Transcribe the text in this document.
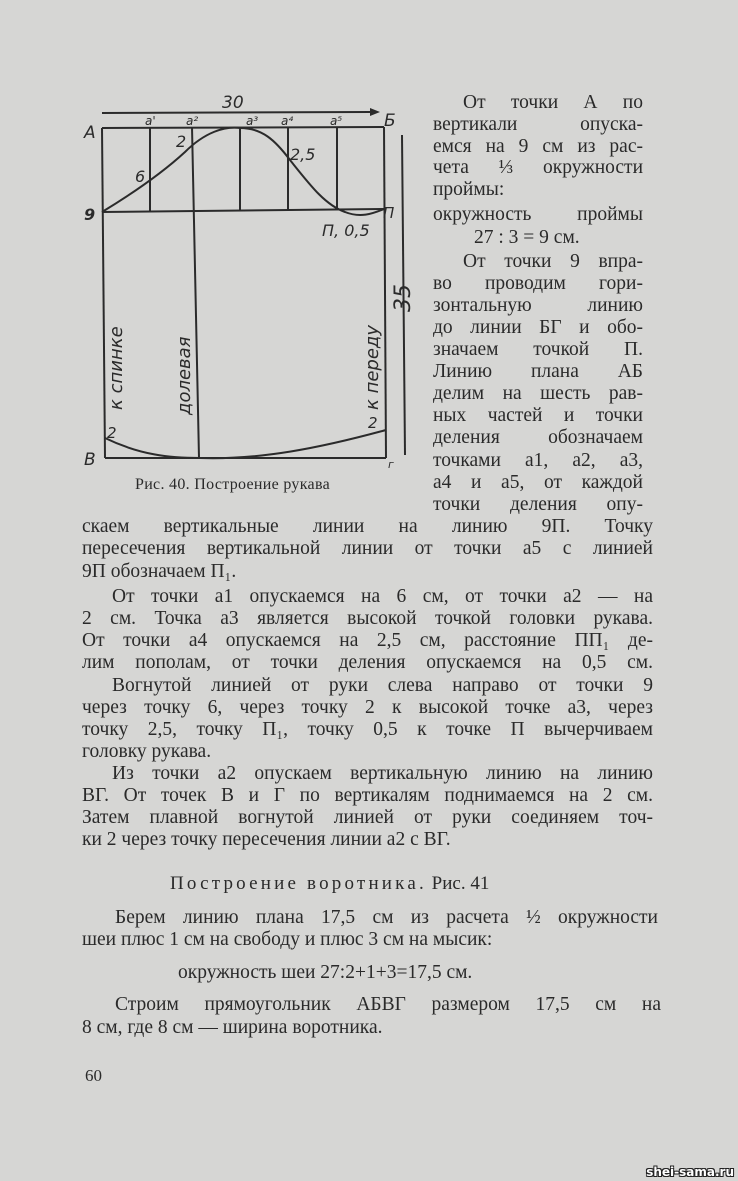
А
Б
В	г
9	П
a'	a²	a³ a⁴	a⁵
30
35
6
2
2,5
П, 0,5
2
2
к спинке	долевая	к переду
Рис. 40. Построение рукава
От точки А по
вертикали опуска-
емся на 9 см из рас-
чета ⅓ окружности
проймы:
окружность проймы
27 : 3 = 9 см.
От точки 9 впра-
во проводим гори-
зонтальную линию
до линии БГ и обо-
значаем точкой П.
Линию плана АБ
делим на шесть рав-
ных частей и точки
деления обозначаем
точками а1, а2, а3,
а4 и а5, от каждой
точки деления опу-
скаем вертикальные линии на линию 9П. Точку
пересечения вертикальной линии от точки а5 с линией
9П обозначаем П₁.
От точки а1 опускаемся на 6 см, от точки а2 — на
2 см. Точка а3 является высокой точкой головки рукава.
От точки а4 опускаемся на 2,5 см, расстояние ПП₁ де-
лим пополам, от точки деления опускаемся на 0,5 см.
Вогнутой линией от руки слева направо от точки 9
через точку 6, через точку 2 к высокой точке а3, через
точку 2,5, точку П₁, точку 0,5 к точке П вычерчиваем
головку рукава.
Из точки а2 опускаем вертикальную линию на линию
ВГ. От точек В и Г по вертикалям поднимаемся на 2 см.
Затем плавной вогнутой линией от руки соединяем точ-
ки 2 через точку пересечения линии а2 с ВГ.
Построение воротника. Рис. 41
Берем линию плана 17,5 см из расчета ½ окружности
шеи плюс 1 см на свободу и плюс 3 см на мысик:
окружность шеи 27:2+1+3=17,5 см.
Строим прямоугольник АБВГ размером 17,5 см на
8 см, где 8 см — ширина воротника.
60
shei-sama.ru
